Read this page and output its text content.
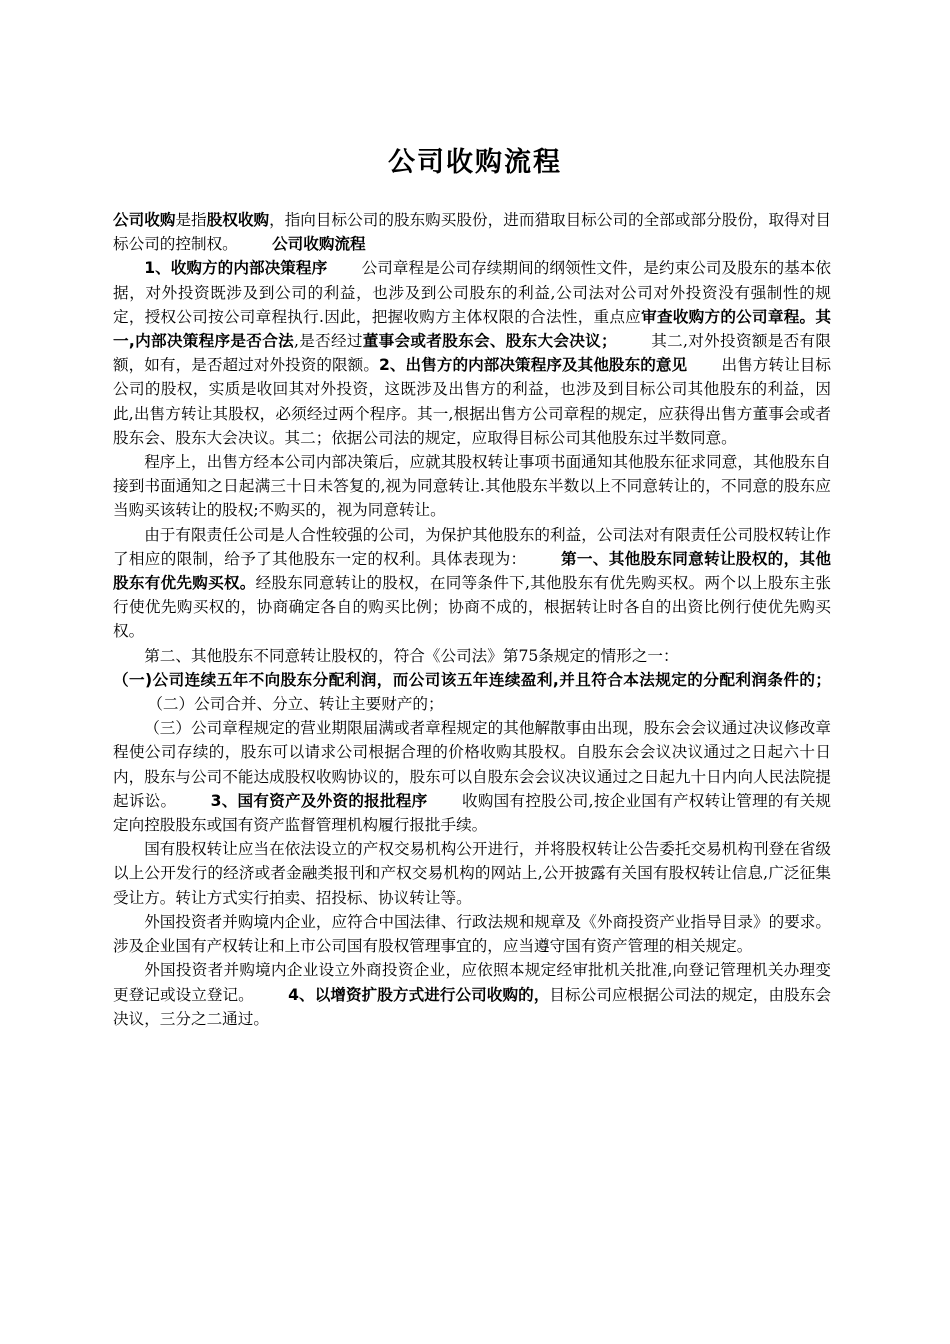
公司收购流程

公司收购是指股权收购，指向目标公司的股东购买股份，进而猎取目标公司的全部或部分股份，取得对目标公司的控制权。 公司收购流程

1、收购方的内部决策程序 公司章程是公司存续期间的纲领性文件，是约束公司及股东的基本依据，对外投资既涉及到公司的利益，也涉及到公司股东的利益,公司法对公司对外投资没有强制性的规定，授权公司按公司章程执行.因此，把握收购方主体权限的合法性，重点应审查收购方的公司章程。其一,内部决策程序是否合法,是否经过董事会或者股东会、股东大会决议； 其二,对外投资额是否有限额，如有，是否超过对外投资的限额。2、出售方的内部决策程序及其他股东的意见 出售方转让目标公司的股权，实质是收回其对外投资，这既涉及出售方的利益，也涉及到目标公司其他股东的利益，因此,出售方转让其股权，必须经过两个程序。其一,根据出售方公司章程的规定，应获得出售方董事会或者股东会、股东大会决议。其二；依据公司法的规定，应取得目标公司其他股东过半数同意。

程序上，出售方经本公司内部决策后，应就其股权转让事项书面通知其他股东征求同意，其他股东自接到书面通知之日起满三十日未答复的,视为同意转让.其他股东半数以上不同意转让的，不同意的股东应当购买该转让的股权;不购买的，视为同意转让。

由于有限责任公司是人合性较强的公司，为保护其他股东的利益，公司法对有限责任公司股权转让作了相应的限制，给予了其他股东一定的权利。具体表现为： 第一、其他股东同意转让股权的，其他股东有优先购买权。经股东同意转让的股权，在同等条件下,其他股东有优先购买权。两个以上股东主张行使优先购买权的，协商确定各自的购买比例；协商不成的，根据转让时各自的出资比例行使优先购买权。

第二、其他股东不同意转让股权的，符合《公司法》第75条规定的情形之一：
（一)公司连续五年不向股东分配利润，而公司该五年连续盈利,并且符合本法规定的分配利润条件的；（二）公司合并、分立、转让主要财产的；

（三）公司章程规定的营业期限届满或者章程规定的其他解散事由出现，股东会会议通过决议修改章程使公司存续的，股东可以请求公司根据合理的价格收购其股权。自股东会会议决议通过之日起六十日内，股东与公司不能达成股权收购协议的，股东可以自股东会会议决议通过之日起九十日内向人民法院提起诉讼。 3、国有资产及外资的报批程序 收购国有控股公司,按企业国有产权转让管理的有关规定向控股股东或国有资产监督管理机构履行报批手续。

国有股权转让应当在依法设立的产权交易机构公开进行，并将股权转让公告委托交易机构刊登在省级以上公开发行的经济或者金融类报刊和产权交易机构的网站上,公开披露有关国有股权转让信息,广泛征集受让方。转让方式实行拍卖、招投标、协议转让等。

外国投资者并购境内企业，应符合中国法律、行政法规和规章及《外商投资产业指导目录》的要求。涉及企业国有产权转让和上市公司国有股权管理事宜的，应当遵守国有资产管理的相关规定。

外国投资者并购境内企业设立外商投资企业，应依照本规定经审批机关批准,向登记管理机关办理变更登记或设立登记。 4、以增资扩股方式进行公司收购的，目标公司应根据公司法的规定，由股东会决议，三分之二通过。
